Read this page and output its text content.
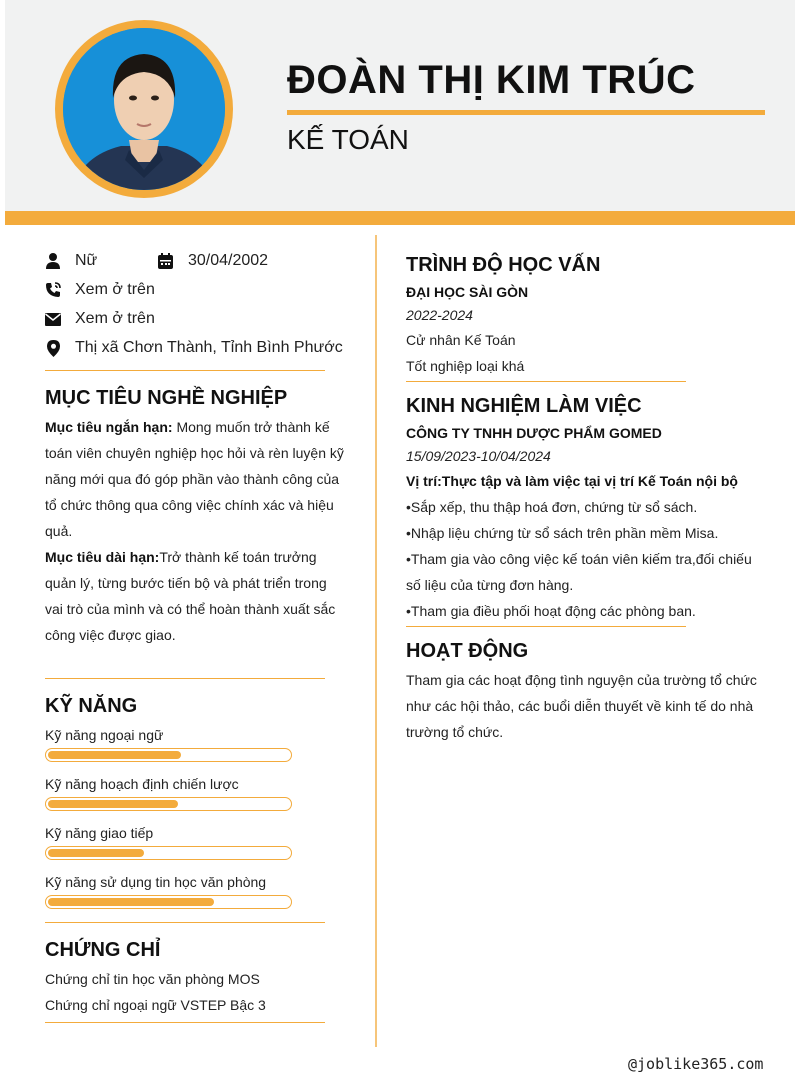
ĐOÀN THỊ KIM TRÚC
KẾ TOÁN
Nữ	30/04/2002
Xem ở trên
Xem ở trên
Thị xã Chơn Thành, Tỉnh Bình Phước
MỤC TIÊU NGHỀ NGHIỆP
Mục tiêu ngắn hạn: Mong muốn trở thành kế toán viên chuyên nghiệp học hỏi và rèn luyện kỹ năng mới qua đó góp phần vào thành công của tổ chức thông qua công việc chính xác và hiệu quả.
Mục tiêu dài hạn:Trở thành kế toán trưởng quản lý, từng bước tiến bộ và phát triển trong vai trò của mình và có thể hoàn thành xuất sắc công việc được giao.
KỸ NĂNG
Kỹ năng ngoại ngữ
Kỹ năng hoạch định chiến lược
Kỹ năng giao tiếp
Kỹ năng sử dụng tin học văn phòng
CHỨNG CHỈ
Chứng chỉ tin học văn phòng MOS
Chứng chỉ ngoại ngữ VSTEP Bậc 3
TRÌNH ĐỘ HỌC VẤN
ĐẠI HỌC SÀI GÒN
2022-2024
Cử nhân Kế Toán
Tốt nghiệp loại khá
KINH NGHIỆM LÀM VIỆC
CÔNG TY TNHH DƯỢC PHẨM GOMED
15/09/2023-10/04/2024
Vị trí:Thực tập và làm việc tại vị trí Kế Toán nội bộ
•Sắp xếp, thu thập hoá đơn, chứng từ sổ sách.
•Nhập liệu chứng từ sổ sách trên phần mềm Misa.
•Tham gia vào công việc kế toán viên kiếm tra,đối chiếu số liệu của từng đơn hàng.
•Tham gia điều phối hoạt động các phòng ban.
HOẠT ĐỘNG
Tham gia các hoạt động tình nguyện của trường tổ chức như các hội thảo, các buổi diễn thuyết về kinh tế do nhà trường tổ chức.
@joblike365.com
